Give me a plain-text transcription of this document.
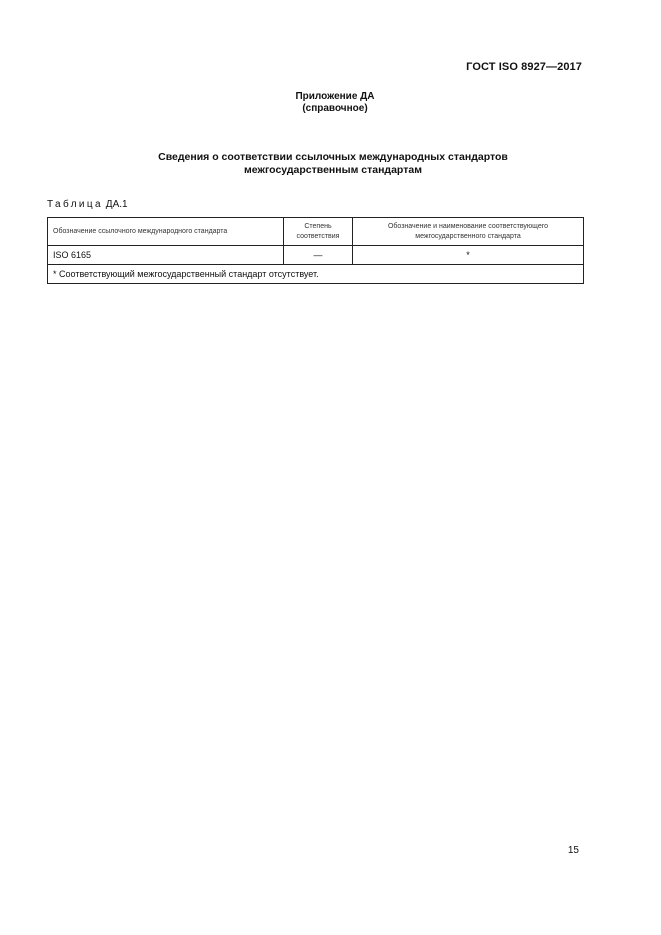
ГОСТ ISO 8927—2017
Приложение ДА
(справочное)
Сведения о соответствии ссылочных международных стандартов
межгосударственным стандартам
Таблица ДА.1
Обозначение ссылочного международного стандарта	Степень соответствия	Обозначение и наименование соответствующего межгосударственного стандарта
ISO 6165	—	*
* Соответствующий межгосударственный стандарт отсутствует.		
15
